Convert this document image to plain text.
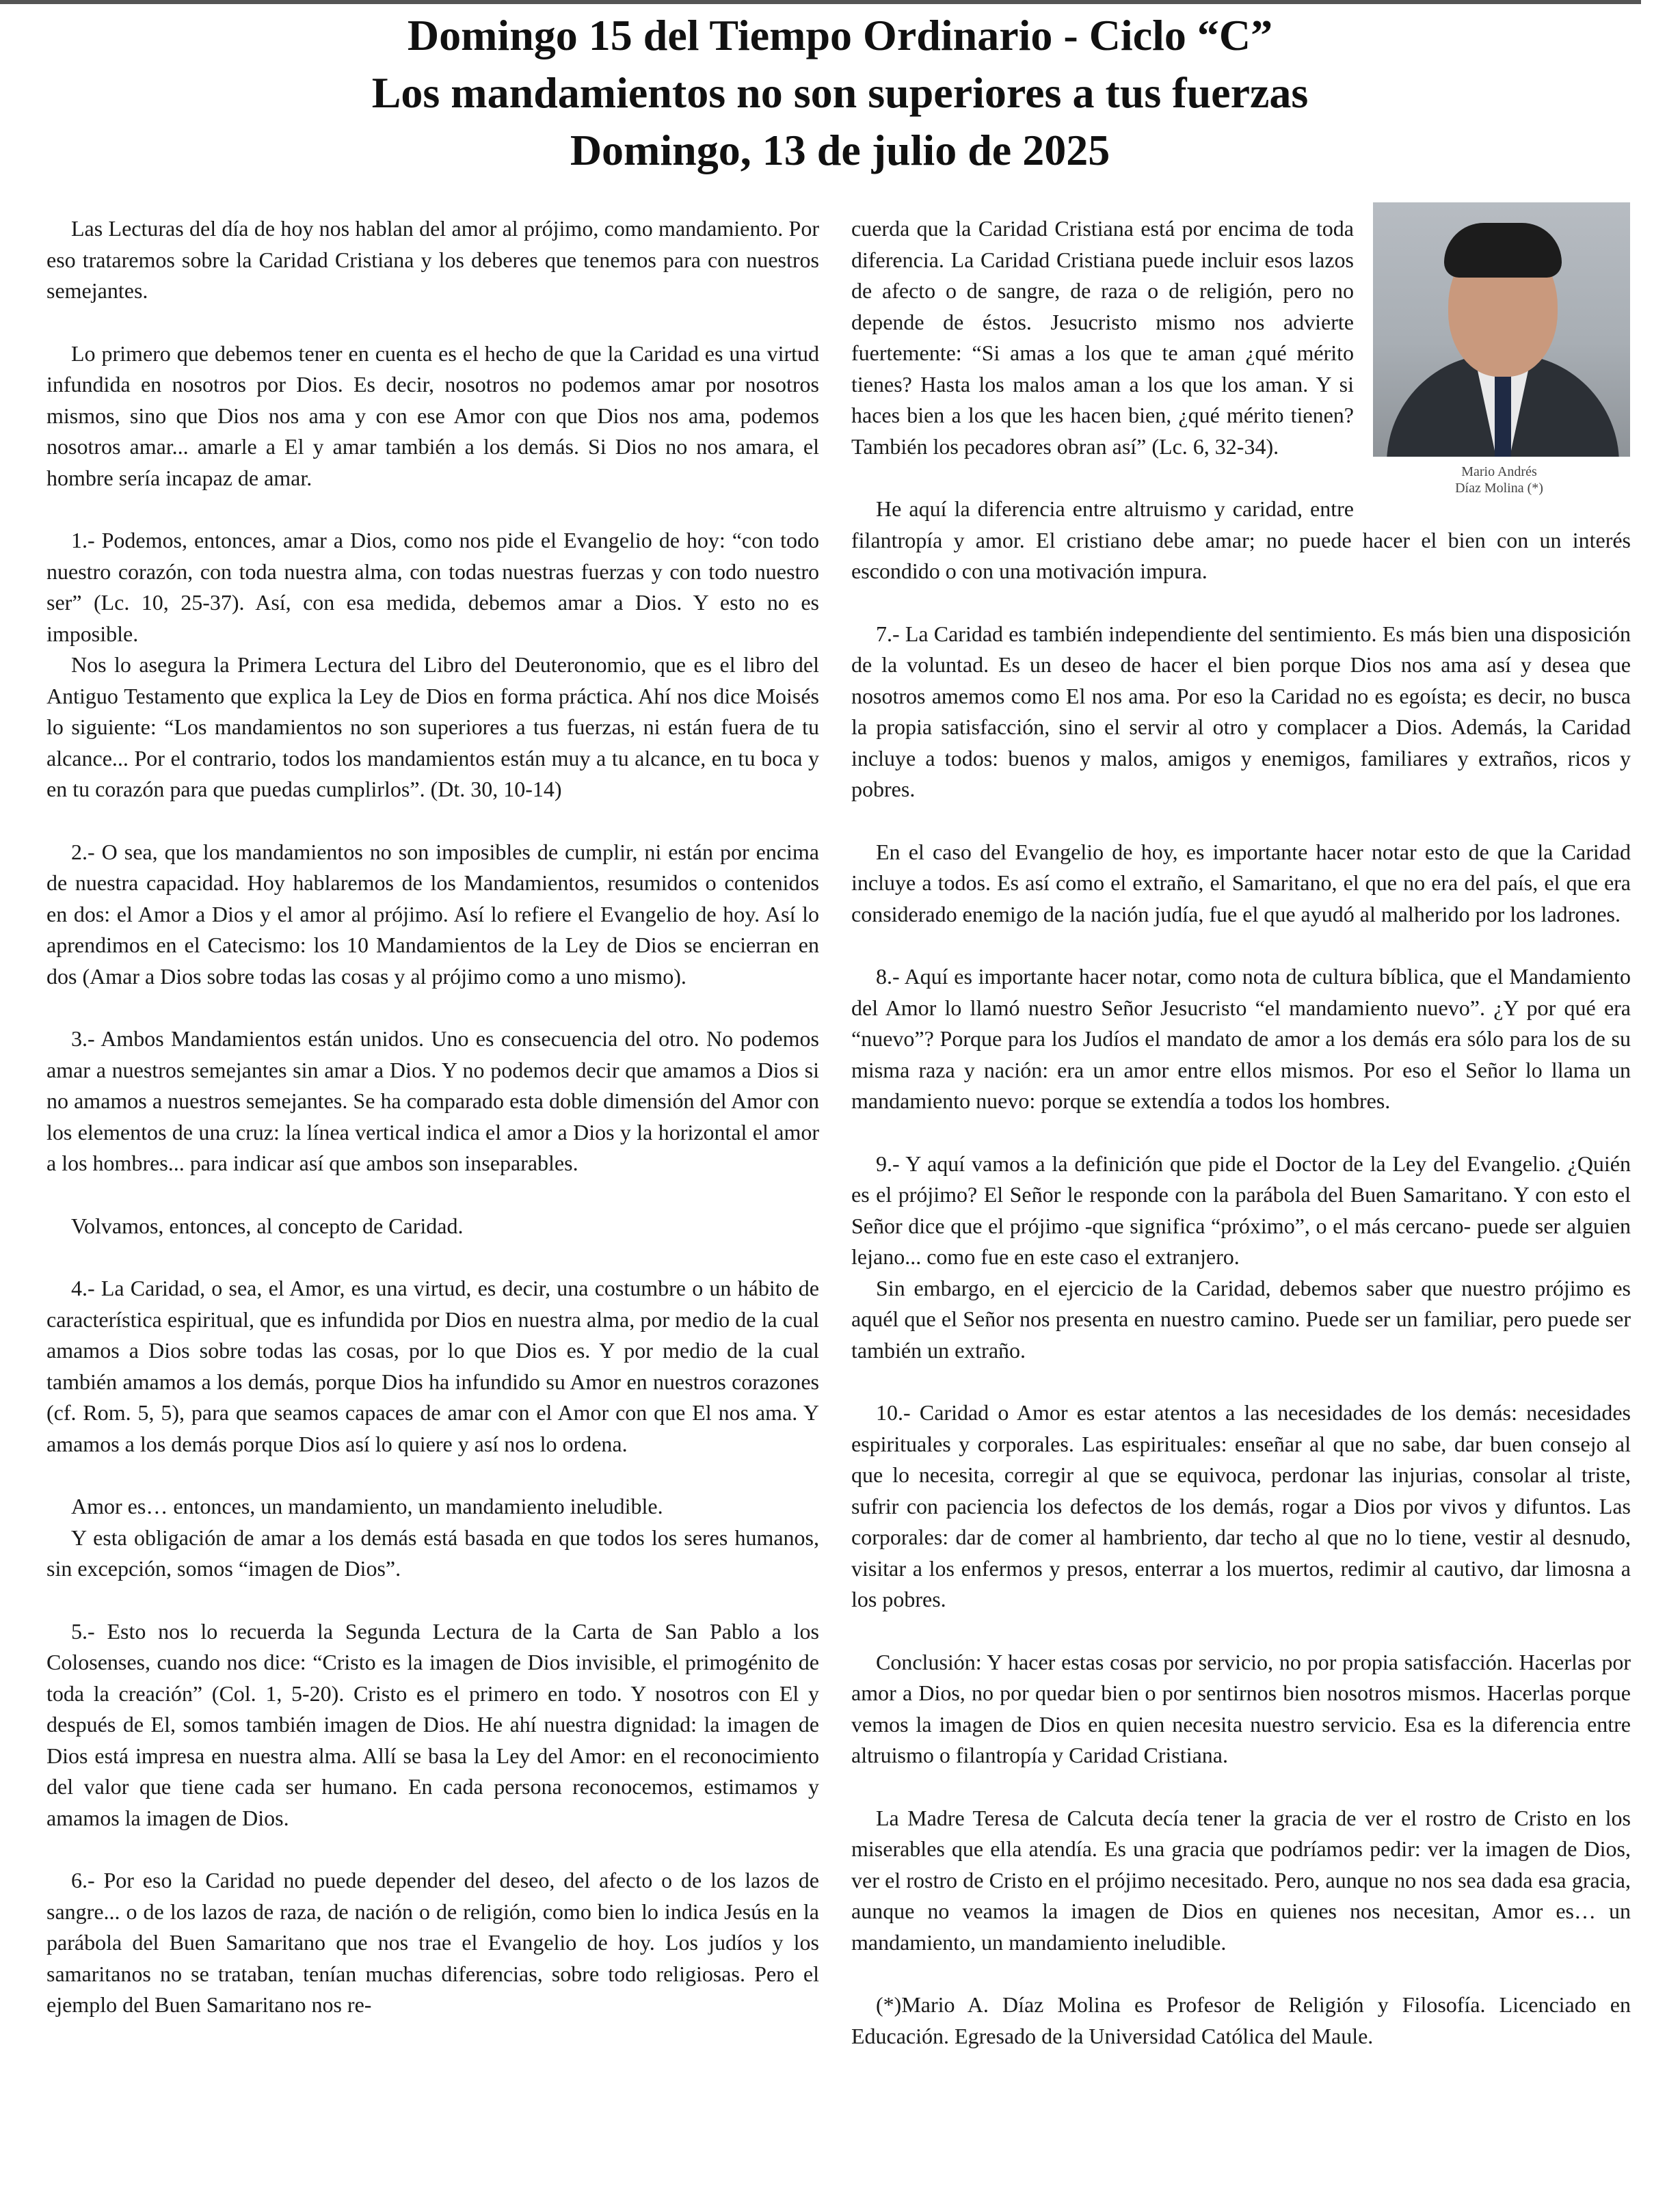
Domingo 15 del Tiempo Ordinario - Ciclo “C”
Los mandamientos no son superiores a tus fuerzas
Domingo, 13 de julio de 2025

Las Lecturas del día de hoy nos hablan del amor al prójimo, como mandamiento. Por eso trataremos sobre la Caridad Cristiana y los deberes que tenemos para con nuestros semejantes.

Lo primero que debemos tener en cuenta es el hecho de que la Caridad es una virtud infundida en nosotros por Dios. Es decir, nosotros no podemos amar por nosotros mismos, sino que Dios nos ama y con ese Amor con que Dios nos ama, podemos nosotros amar... amarle a El y amar también a los demás. Si Dios no nos amara, el hombre sería incapaz de amar.

1.- Podemos, entonces, amar a Dios, como nos pide el Evangelio de hoy: “con todo nuestro corazón, con toda nuestra alma, con todas nuestras fuerzas y con todo nuestro ser” (Lc. 10, 25-37). Así, con esa medida, debemos amar a Dios. Y esto no es imposible.

Nos lo asegura la Primera Lectura del Libro del Deuteronomio, que es el libro del Antiguo Testamento que explica la Ley de Dios en forma práctica. Ahí nos dice Moisés lo siguiente: “Los mandamientos no son superiores a tus fuerzas, ni están fuera de tu alcance... Por el contrario, todos los mandamientos están muy a tu alcance, en tu boca y en tu corazón para que puedas cumplirlos”. (Dt. 30, 10-14)

2.- O sea, que los mandamientos no son imposibles de cumplir, ni están por encima de nuestra capacidad. Hoy hablaremos de los Mandamientos, resumidos o contenidos en dos: el Amor a Dios y el amor al prójimo. Así lo refiere el Evangelio de hoy. Así lo aprendimos en el Catecismo: los 10 Mandamientos de la Ley de Dios se encierran en dos (Amar a Dios sobre todas las cosas y al prójimo como a uno mismo).

3.- Ambos Mandamientos están unidos. Uno es consecuencia del otro. No podemos amar a nuestros semejantes sin amar a Dios. Y no podemos decir que amamos a Dios si no amamos a nuestros semejantes. Se ha comparado esta doble dimensión del Amor con los elementos de una cruz: la línea vertical indica el amor a Dios y la horizontal el amor a los hombres... para indicar así que ambos son inseparables.

Volvamos, entonces, al concepto de Caridad.

4.- La Caridad, o sea, el Amor, es una virtud, es decir, una costumbre o un hábito de característica espiritual, que es infundida por Dios en nuestra alma, por medio de la cual amamos a Dios sobre todas las cosas, por lo que Dios es. Y por medio de la cual también amamos a los demás, porque Dios ha infundido su Amor en nuestros corazones (cf. Rom. 5, 5), para que seamos capaces de amar con el Amor con que El nos ama. Y amamos a los demás porque Dios así lo quiere y así nos lo ordena.

Amor es… entonces, un mandamiento, un mandamiento ineludible.

Y esta obligación de amar a los demás está basada en que todos los seres humanos, sin excepción, somos “imagen de Dios”.

5.- Esto nos lo recuerda la Segunda Lectura de la Carta de San Pablo a los Colosenses, cuando nos dice: “Cristo es la imagen de Dios invisible, el primogénito de toda la creación” (Col. 1, 5-20). Cristo es el primero en todo. Y nosotros con El y después de El, somos también imagen de Dios. He ahí nuestra dignidad: la imagen de Dios está impresa en nuestra alma. Allí se basa la Ley del Amor: en el reconocimiento del valor que tiene cada ser humano. En cada persona reconocemos, estimamos y amamos la imagen de Dios.

6.- Por eso la Caridad no puede depender del deseo, del afecto o de los lazos de sangre... o de los lazos de raza, de nación o de religión, como bien lo indica Jesús en la parábola del Buen Samaritano que nos trae el Evangelio de hoy. Los judíos y los samaritanos no se trataban, tenían muchas diferencias, sobre todo religiosas. Pero el ejemplo del Buen Samaritano nos re-

Mario Andrés
Díaz Molina (*)

cuerda que la Caridad Cristiana está por encima de toda diferencia. La Caridad Cristiana puede incluir esos lazos de afecto o de sangre, de raza o de religión, pero no depende de éstos. Jesucristo mismo nos advierte fuertemente: “Si amas a los que te aman ¿qué mérito tienes? Hasta los malos aman a los que los aman. Y si haces bien a los que les hacen bien, ¿qué mérito tienen? También los pecadores obran así” (Lc. 6, 32-34).

He aquí la diferencia entre altruismo y caridad, entre filantropía y amor. El cristiano debe amar; no puede hacer el bien con un interés escondido o con una motivación impura.

7.- La Caridad es también independiente del sentimiento. Es más bien una disposición de la voluntad. Es un deseo de hacer el bien porque Dios nos ama así y desea que nosotros amemos como El nos ama. Por eso la Caridad no es egoísta; es decir, no busca la propia satisfacción, sino el servir al otro y complacer a Dios. Además, la Caridad incluye a todos: buenos y malos, amigos y enemigos, familiares y extraños, ricos y pobres.

En el caso del Evangelio de hoy, es importante hacer notar esto de que la Caridad incluye a todos. Es así como el extraño, el Samaritano, el que no era del país, el que era considerado enemigo de la nación judía, fue el que ayudó al malherido por los ladrones.

8.- Aquí es importante hacer notar, como nota de cultura bíblica, que el Mandamiento del Amor lo llamó nuestro Señor Jesucristo “el mandamiento nuevo”. ¿Y por qué era “nuevo”? Porque para los Judíos el mandato de amor a los demás era sólo para los de su misma raza y nación: era un amor entre ellos mismos. Por eso el Señor lo llama un mandamiento nuevo: porque se extendía a todos los hombres.

9.- Y aquí vamos a la definición que pide el Doctor de la Ley del Evangelio. ¿Quién es el prójimo? El Señor le responde con la parábola del Buen Samaritano. Y con esto el Señor dice que el prójimo -que significa “próximo”, o el más cercano- puede ser alguien lejano... como fue en este caso el extranjero.

Sin embargo, en el ejercicio de la Caridad, debemos saber que nuestro prójimo es aquél que el Señor nos presenta en nuestro camino. Puede ser un familiar, pero puede ser también un extraño.

10.- Caridad o Amor es estar atentos a las necesidades de los demás: necesidades espirituales y corporales. Las espirituales: enseñar al que no sabe, dar buen consejo al que lo necesita, corregir al que se equivoca, perdonar las injurias, consolar al triste, sufrir con paciencia los defectos de los demás, rogar a Dios por vivos y difuntos. Las corporales: dar de comer al hambriento, dar techo al que no lo tiene, vestir al desnudo, visitar a los enfermos y presos, enterrar a los muertos, redimir al cautivo, dar limosna a los pobres.

Conclusión: Y hacer estas cosas por servicio, no por propia satisfacción. Hacerlas por amor a Dios, no por quedar bien o por sentirnos bien nosotros mismos. Hacerlas porque vemos la imagen de Dios en quien necesita nuestro servicio. Esa es la diferencia entre altruismo o filantropía y Caridad Cristiana.

La Madre Teresa de Calcuta decía tener la gracia de ver el rostro de Cristo en los miserables que ella atendía. Es una gracia que podríamos pedir: ver la imagen de Dios, ver el rostro de Cristo en el prójimo necesitado. Pero, aunque no nos sea dada esa gracia, aunque no veamos la imagen de Dios en quienes nos necesitan, Amor es… un mandamiento, un mandamiento ineludible.

(*)Mario A. Díaz Molina es Profesor de Religión y Filosofía. Licenciado en Educación. Egresado de la Universidad Católica del Maule.
